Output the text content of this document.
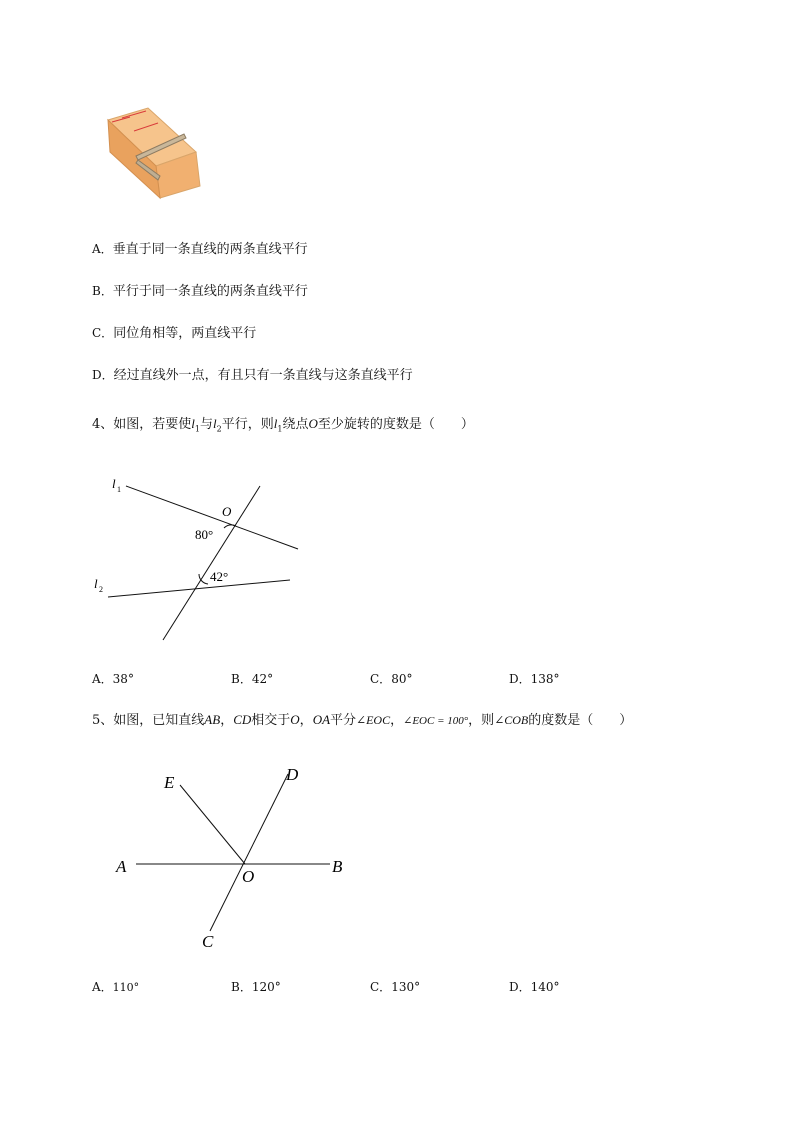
A．垂直于同一条直线的两条直线平行
B．平行于同一条直线的两条直线平行
C．同位角相等，两直线平行
D．经过直线外一点，有且只有一条直线与这条直线平行
4、如图，若要使$l_1$与$l_2$平行，则$l_1$绕点O至少旋转的度数是（　　）
l 1
l 2
O
80°
42°
A．38°	B．42°	C．80°	D．138°
5、如图，已知直线AB，CD相交于O，OA平分∠EOC，∠EOC = 100°，则∠COB的度数是（　　）
E	D
A
O
B
C
A．110°	B．120°	C．130°	D．140°
